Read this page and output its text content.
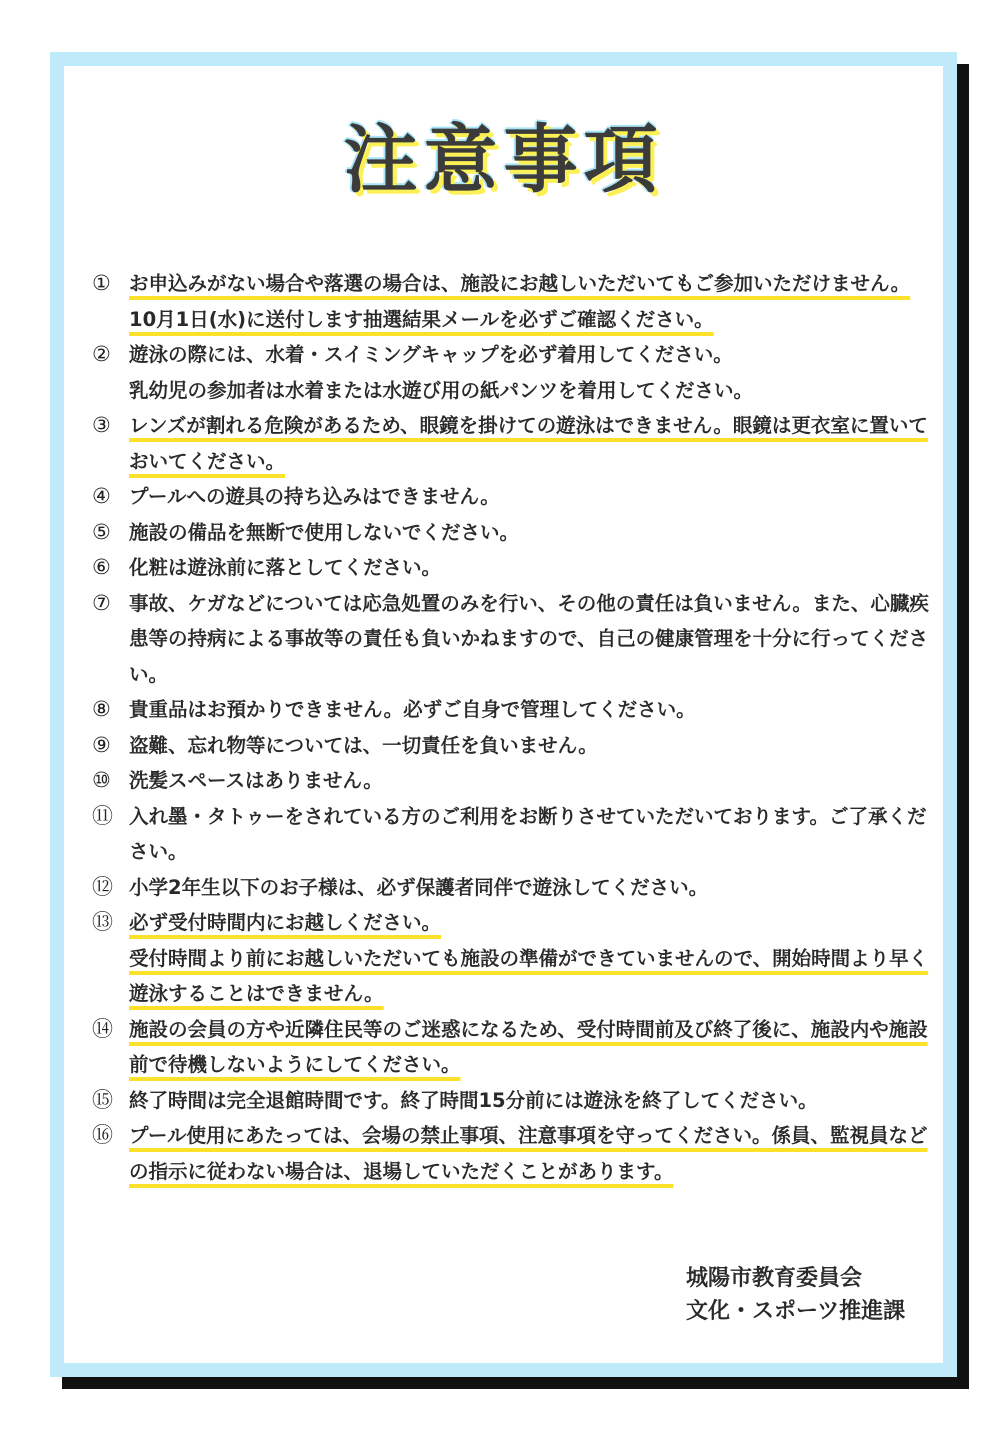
注意事項
① お申込みがない場合や落選の場合は、施設にお越しいただいてもご参加いただけません。10月1日(水)に送付します抽選結果メールを必ずご確認ください。
② 遊泳の際には、水着・スイミングキャップを必ず着用してください。
乳幼児の参加者は水着または水遊び用の紙パンツを着用してください。
③ レンズが割れる危険があるため、眼鏡を掛けての遊泳はできません。眼鏡は更衣室に置いておいてください。
④ プールへの遊具の持ち込みはできません。
⑤ 施設の備品を無断で使用しないでください。
⑥ 化粧は遊泳前に落としてください。
⑦ 事故、ケガなどについては応急処置のみを行い、その他の責任は負いません。また、心臓疾患等の持病による事故等の責任も負いかねますので、自己の健康管理を十分に行ってください。
⑧ 貴重品はお預かりできません。必ずご自身で管理してください。
⑨ 盗難、忘れ物等については、一切責任を負いません。
⑩ 洗髪スペースはありません。
⑪ 入れ墨・タトゥーをされている方のご利用をお断りさせていただいております。ご了承ください。
⑫ 小学2年生以下のお子様は、必ず保護者同伴で遊泳してください。
⑬ 必ず受付時間内にお越しください。
受付時間より前にお越しいただいても施設の準備ができていませんので、開始時間より早く遊泳することはできません。
⑭ 施設の会員の方や近隣住民等のご迷惑になるため、受付時間前及び終了後に、施設内や施設前で待機しないようにしてください。
⑮ 終了時間は完全退館時間です。終了時間15分前には遊泳を終了してください。
⑯ プール使用にあたっては、会場の禁止事項、注意事項を守ってください。係員、監視員などの指示に従わない場合は、退場していただくことがあります。
城陽市教育委員会
文化・スポーツ推進課
